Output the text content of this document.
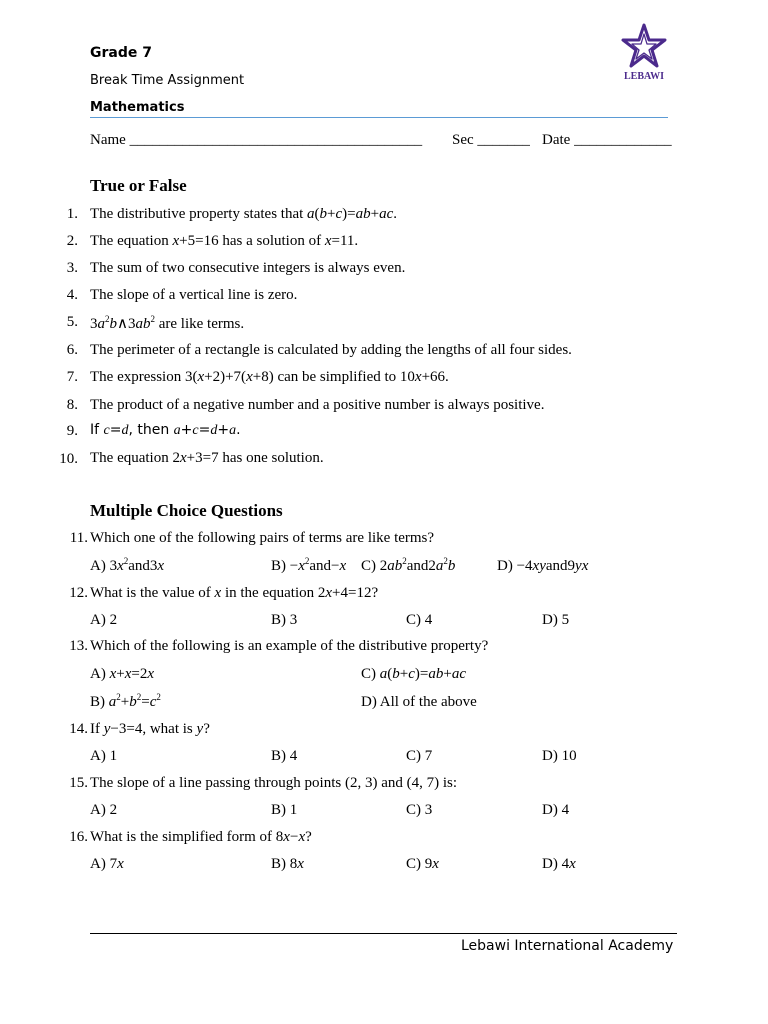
Grade 7
Break Time Assignment
Mathematics
LEBAWI
Name _______________________________________ Sec _______ Date _____________
True or False
1. The distributive property states that a(b+c)=ab+ac.
2. The equation x+5=16 has a solution of x=11.
3. The sum of two consecutive integers is always even.
4. The slope of a vertical line is zero.
5. $3a^2b\wedge 3ab^2$ are like terms.
6. The perimeter of a rectangle is calculated by adding the lengths of all four sides.
7. The expression 3(x+2)+7(x+8) can be simplified to 10x+66.
8. The product of a negative number and a positive number is always positive.
9. If c=d, then a+c=d+a.
10. The equation 2x+3=7 has one solution.
Multiple Choice Questions
11. Which one of the following pairs of terms are like terms?
A) $3x^2and3x$	$B) -x^2and-x$ C) $2ab^2and2a^2b$	D) −4xyand9yx
12. What is the value of x in the equation 2x+4=12?
A) 2	B) 3	C) 4	D) 5
13. Which of the following is an example of the distributive property?
A) x+x=2x	C) a(b+c)=ab+ac
B) $a^2+b^2=c^2$	D) All of the above
14. If y−3=4, what is y?
A) 1	B) 4	C) 7	D) 10
15. The slope of a line passing through points (2, 3) and (4, 7) is:
A) 2	B) 1	C) 3	D) 4
16. What is the simplified form of 8x−x?
A) 7x	B) 8x	C) 9x	D) 4x
Lebawi International Academy
